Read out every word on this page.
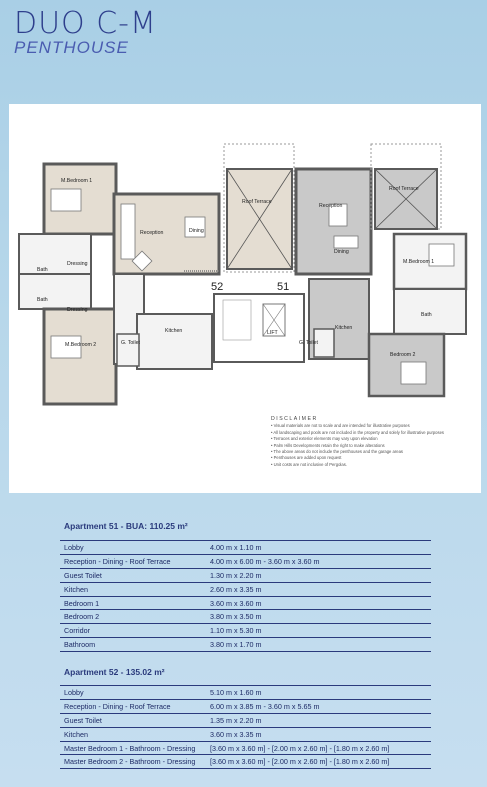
DUO C-M
PENTHOUSE
52	51
M.Bedroom 1
Bath
Dressing
Bath
Dressing
M.Bedroom 2
Reception	Dining
Kitchen
G. Toilet
Roof Terrace
Reception
Dining
Kitchen
G. Toilet
Roof Terrace
M.Bedroom 1
Bath
Bedroom 2
LIFT
DISCLAIMER
• Visual materials are not to scale and are intended for illustrative purposes
• All landscaping and pools are not included in the property and solely for illustrative purposes
• Terraces and exterior elements may vary upon elevation
• Palm Hills Developments retain the right to make alterations
• The above areas do not include the penthouses and the garage areas
• Penthouses are added upon request
• Unit costs are not inclusive of Pergolas.
Apartment 51 - BUA: 110.25 m²
Lobby	4.00 m x 1.10 m
Reception - Dining - Roof Terrace	4.00 m x 6.00 m - 3.60 m x 3.60 m
Guest Toilet	1.30 m x 2.20 m
Kitchen	2.60 m x 3.35 m
Bedroom 1	3.60 m x 3.60 m
Bedroom 2	3.80 m x 3.50 m
Corridor	1.10 m x 5.30 m
Bathroom	3.80 m x 1.70 m
Apartment 52 - 135.02 m²
Lobby	5.10 m x 1.60 m
Reception - Dining - Roof Terrace	6.00 m x 3.85 m - 3.60 m x 5.65 m
Guest Toilet	1.35 m x 2.20 m
Kitchen	3.60 m x 3.35 m
Master Bedroom 1 - Bathroom - Dressing	[3.60 m x 3.60 m] - [2.00 m x 2.60 m] - [1.80 m x 2.60 m]
Master Bedroom 2 - Bathroom - Dressing	[3.60 m x 3.60 m] - [2.00 m x 2.60 m] - [1.80 m x 2.60 m]
